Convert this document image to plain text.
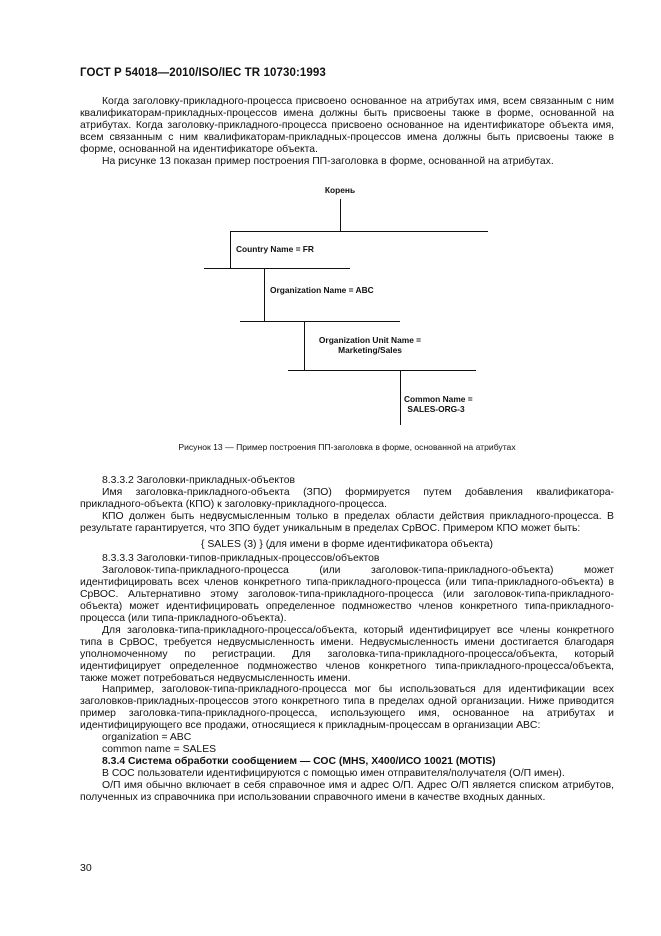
ГОСТ Р 54018—2010/ISO/IEC TR 10730:1993

Когда заголовку-прикладного-процесса присвоено основанное на атрибутах имя, всем связанным с ним квалификаторам-прикладных-процессов имена должны быть присвоены также в форме, основанной на атрибутах. Когда заголовку-прикладного-процесса присвоено основанное на идентификаторе объекта имя, всем связанным с ним квалификаторам-прикладных-процессов имена должны быть присвоены также в форме, основанной на идентификаторе объекта.

На рисунке 13 показан пример построения ПП-заголовка в форме, основанной на атрибутах.

Корень
Country Name = FR
Organization Name = ABC
Organization Unit Name =
Marketing/Sales
Common Name =
SALES-ORG-3
Рисунок 13 — Пример построения ПП-заголовка в форме, основанной на атрибутах

8.3.3.2 Заголовки-прикладных-объектов

Имя заголовка-прикладного-объекта (ЗПО) формируется путем добавления квалификатора-прикладного-объекта (КПО) к заголовку-прикладного-процесса.

КПО должен быть недвусмысленным только в пределах области действия прикладного-процесса. В результате гарантируется, что ЗПО будет уникальным в пределах СрВОС. Примером КПО может быть:

{ SALES (3) } (для имени в форме идентификатора объекта)

8.3.3.3 Заголовки-типов-прикладных-процессов/объектов

Заголовок-типа-прикладного-процесса (или заголовок-типа-прикладного-объекта) может идентифицировать всех членов конкретного типа-прикладного-процесса (или типа-прикладного-объекта) в СрВОС. Альтернативно этому заголовок-типа-прикладного-процесса (или заголовок-типа-прикладного-объекта) может идентифицировать определенное подмножество членов конкретного типа-прикладного-процесса (или типа-прикладного-объекта).

Для заголовка-типа-прикладного-процесса/объекта, который идентифицирует все члены конкретного типа в СрВОС, требуется недвусмысленность имени. Недвусмысленность имени достигается благодаря уполномоченному по регистрации. Для заголовка-типа-прикладного-процесса/объекта, который идентифицирует определенное подмножество членов конкретного типа-прикладного-процесса/объекта, также может потребоваться недвусмысленность имени.

Например, заголовок-типа-прикладного-процесса мог бы использоваться для идентификации всех заголовков-прикладных-процессов этого конкретного типа в пределах одной организации. Ниже приводится пример заголовка-типа-прикладного-процесса, использующего имя, основанное на атрибутах и идентифицирующего все продажи, относящиеся к прикладным-процессам в организации ABC:

organization = ABC

common name = SALES

8.3.4 Система обработки сообщением — СОС (MHS, X400/ИСО 10021 (MOTIS)

В СОС пользователи идентифицируются с помощью имен отправителя/получателя (О/П имен).

О/П имя обычно включает в себя справочное имя и адрес О/П. Адрес О/П является списком атрибутов, полученных из справочника при использовании справочного имени в качестве входных данных.

30
